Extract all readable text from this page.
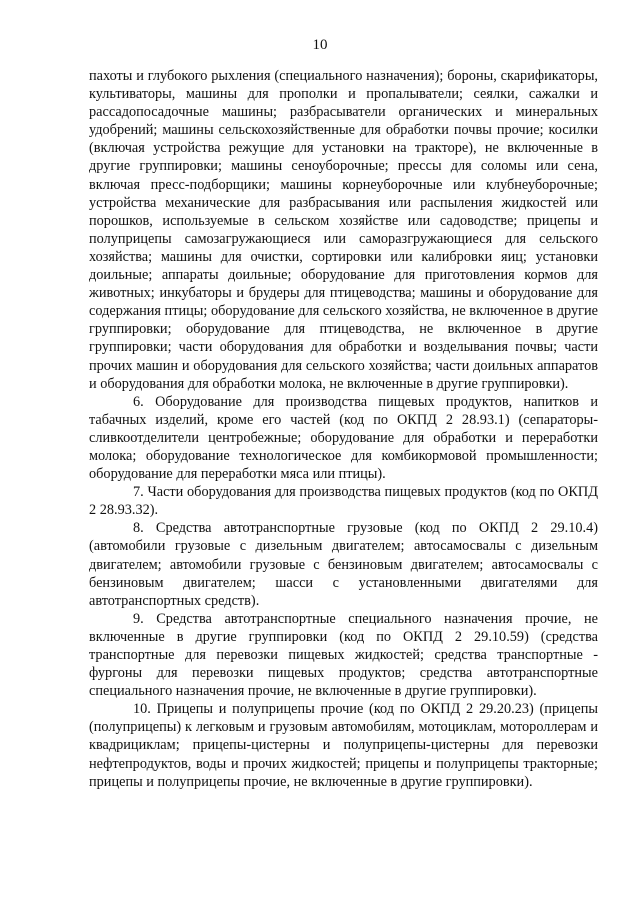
10

пахоты и глубокого рыхления (специального назначения); бороны, скарификаторы, культиваторы, машины для прополки и пропалыватели; сеялки, сажалки и рассадопосадочные машины; разбрасыватели органических и минеральных удобрений; машины сельскохозяйственные для обработки почвы прочие; косилки (включая устройства режущие для установки на тракторе), не включенные в другие группировки; машины сеноуборочные; прессы для соломы или сена, включая пресс-подборщики; машины корнеуборочные или клубнеуборочные; устройства механические для разбрасывания или распыления жидкостей или порошков, используемые в сельском хозяйстве или садоводстве; прицепы и полуприцепы самозагружающиеся или саморазгружающиеся для сельского хозяйства; машины для очистки, сортировки или калибровки яиц; установки доильные; аппараты доильные; оборудование для приготовления кормов для животных; инкубаторы и брудеры для птицеводства; машины и оборудование для содержания птицы; оборудование для сельского хозяйства, не включенное в другие группировки; оборудование для птицеводства, не включенное в другие группировки; части оборудования для обработки и возделывания почвы; части прочих машин и оборудования для сельского хозяйства; части доильных аппаратов и оборудования для обработки молока, не включенные в другие группировки).

6. Оборудование для производства пищевых продуктов, напитков и табачных изделий, кроме его частей (код по ОКПД 2 28.93.1) (сепараторы-сливкоотделители центробежные; оборудование для обработки и переработки молока; оборудование технологическое для комбикормовой промышленности; оборудование для переработки мяса или птицы).

7. Части оборудования для производства пищевых продуктов (код по ОКПД 2 28.93.32).

8. Средства автотранспортные грузовые (код по ОКПД 2 29.10.4) (автомобили грузовые с дизельным двигателем; автосамосвалы с дизельным двигателем; автомобили грузовые с бензиновым двигателем; автосамосвалы с бензиновым двигателем; шасси с установленными двигателями для автотранспортных средств).

9. Средства автотранспортные специального назначения прочие, не включенные в другие группировки (код по ОКПД 2 29.10.59) (средства транспортные для перевозки пищевых жидкостей; средства транспортные - фургоны для перевозки пищевых продуктов; средства автотранспортные специального назначения прочие, не включенные в другие группировки).

10. Прицепы и полуприцепы прочие (код по ОКПД 2 29.20.23) (прицепы (полуприцепы) к легковым и грузовым автомобилям, мотоциклам, мотороллерам и квадрициклам; прицепы-цистерны и полуприцепы-цистерны для перевозки нефтепродуктов, воды и прочих жидкостей; прицепы и полуприцепы тракторные; прицепы и полуприцепы прочие, не включенные в другие группировки).
